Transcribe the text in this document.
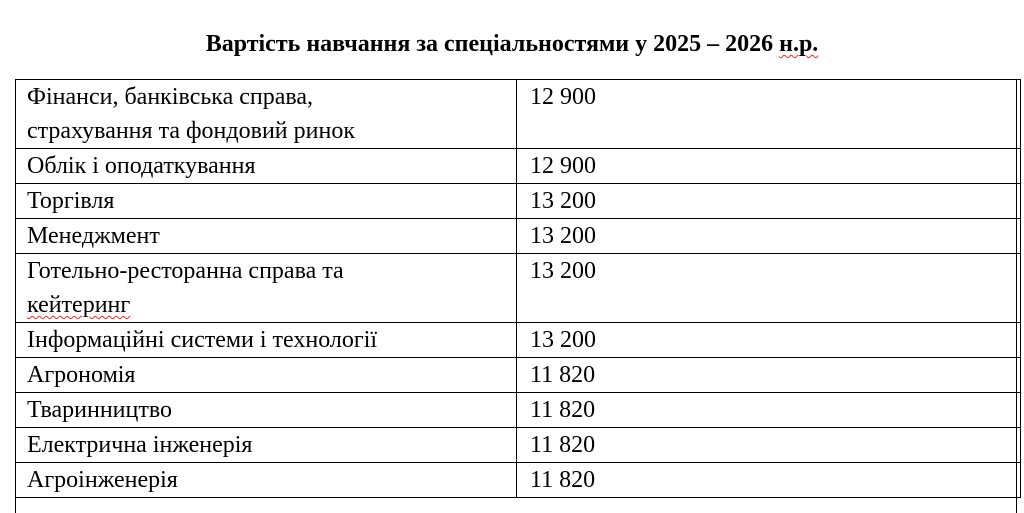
Вартість навчання за спеціальностями у 2025 – 2026 н.р.
Фінанси, банківська справа,
страхування та фондовий ринок	12 900
Облік і оподаткування	12 900
Торгівля	13 200
Менеджмент	13 200
Готельно-ресторанна справа та
кейтеринг	13 200
Інформаційні системи і технології	13 200
Агрономія	11 820
Тваринництво	11 820
Електрична інженерія	11 820
Агроінженерія	11 820
